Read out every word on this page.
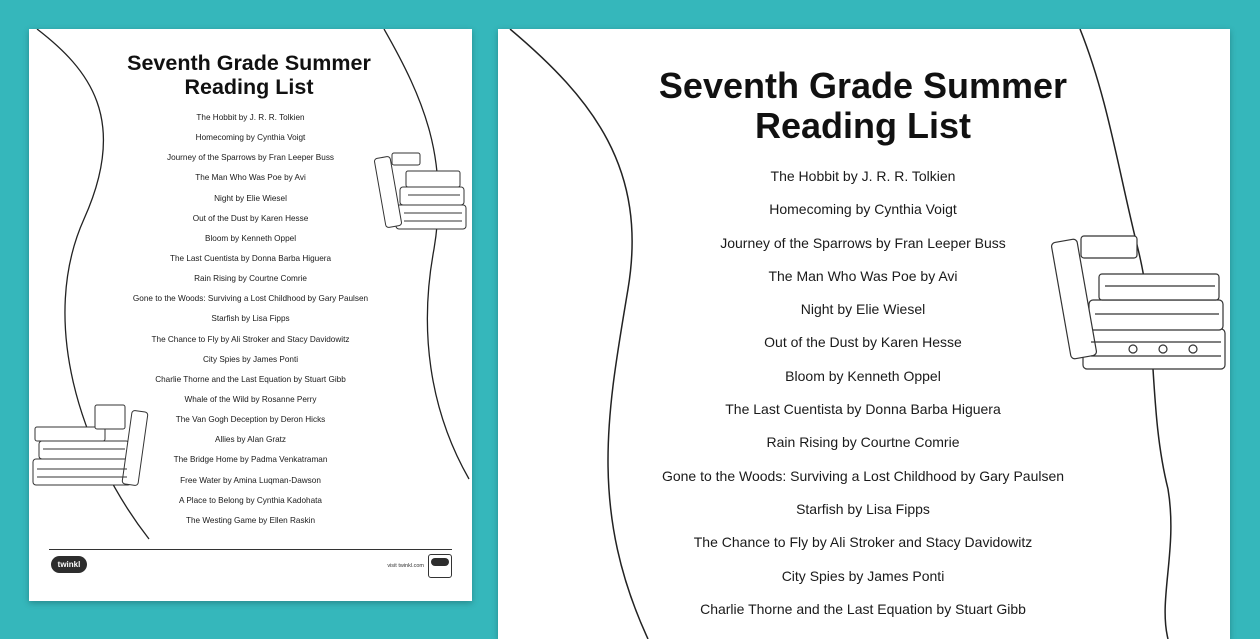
Seventh Grade Summer
Reading List
The Hobbit by J. R. R. Tolkien
Homecoming by Cynthia Voigt
Journey of the Sparrows by Fran Leeper Buss
The Man Who Was Poe by Avi
Night by Elie Wiesel
Out of the Dust by Karen Hesse
Bloom by Kenneth Oppel
The Last Cuentista by Donna Barba Higuera
Rain Rising by Courtne Comrie
Gone to the Woods: Surviving a Lost Childhood by Gary Paulsen
Starfish by Lisa Fipps
The Chance to Fly by Ali Stroker and Stacy Davidowitz
City Spies by James Ponti
Charlie Thorne and the Last Equation by Stuart Gibb
Whale of the Wild by Rosanne Perry
The Van Gogh Deception by Deron Hicks
Allies by Alan Gratz
The Bridge Home by Padma Venkatraman
Free Water by Amina Luqman-Dawson
A Place to Belong by Cynthia Kadohata
The Westing Game by Ellen Raskin
twinkl	visit twinkl.com
Seventh Grade Summer
Reading List
The Hobbit by J. R. R. Tolkien
Homecoming by Cynthia Voigt
Journey of the Sparrows by Fran Leeper Buss
The Man Who Was Poe by Avi
Night by Elie Wiesel
Out of the Dust by Karen Hesse
Bloom by Kenneth Oppel
The Last Cuentista by Donna Barba Higuera
Rain Rising by Courtne Comrie
Gone to the Woods: Surviving a Lost Childhood by Gary Paulsen
Starfish by Lisa Fipps
The Chance to Fly by Ali Stroker and Stacy Davidowitz
City Spies by James Ponti
Charlie Thorne and the Last Equation by Stuart Gibb
